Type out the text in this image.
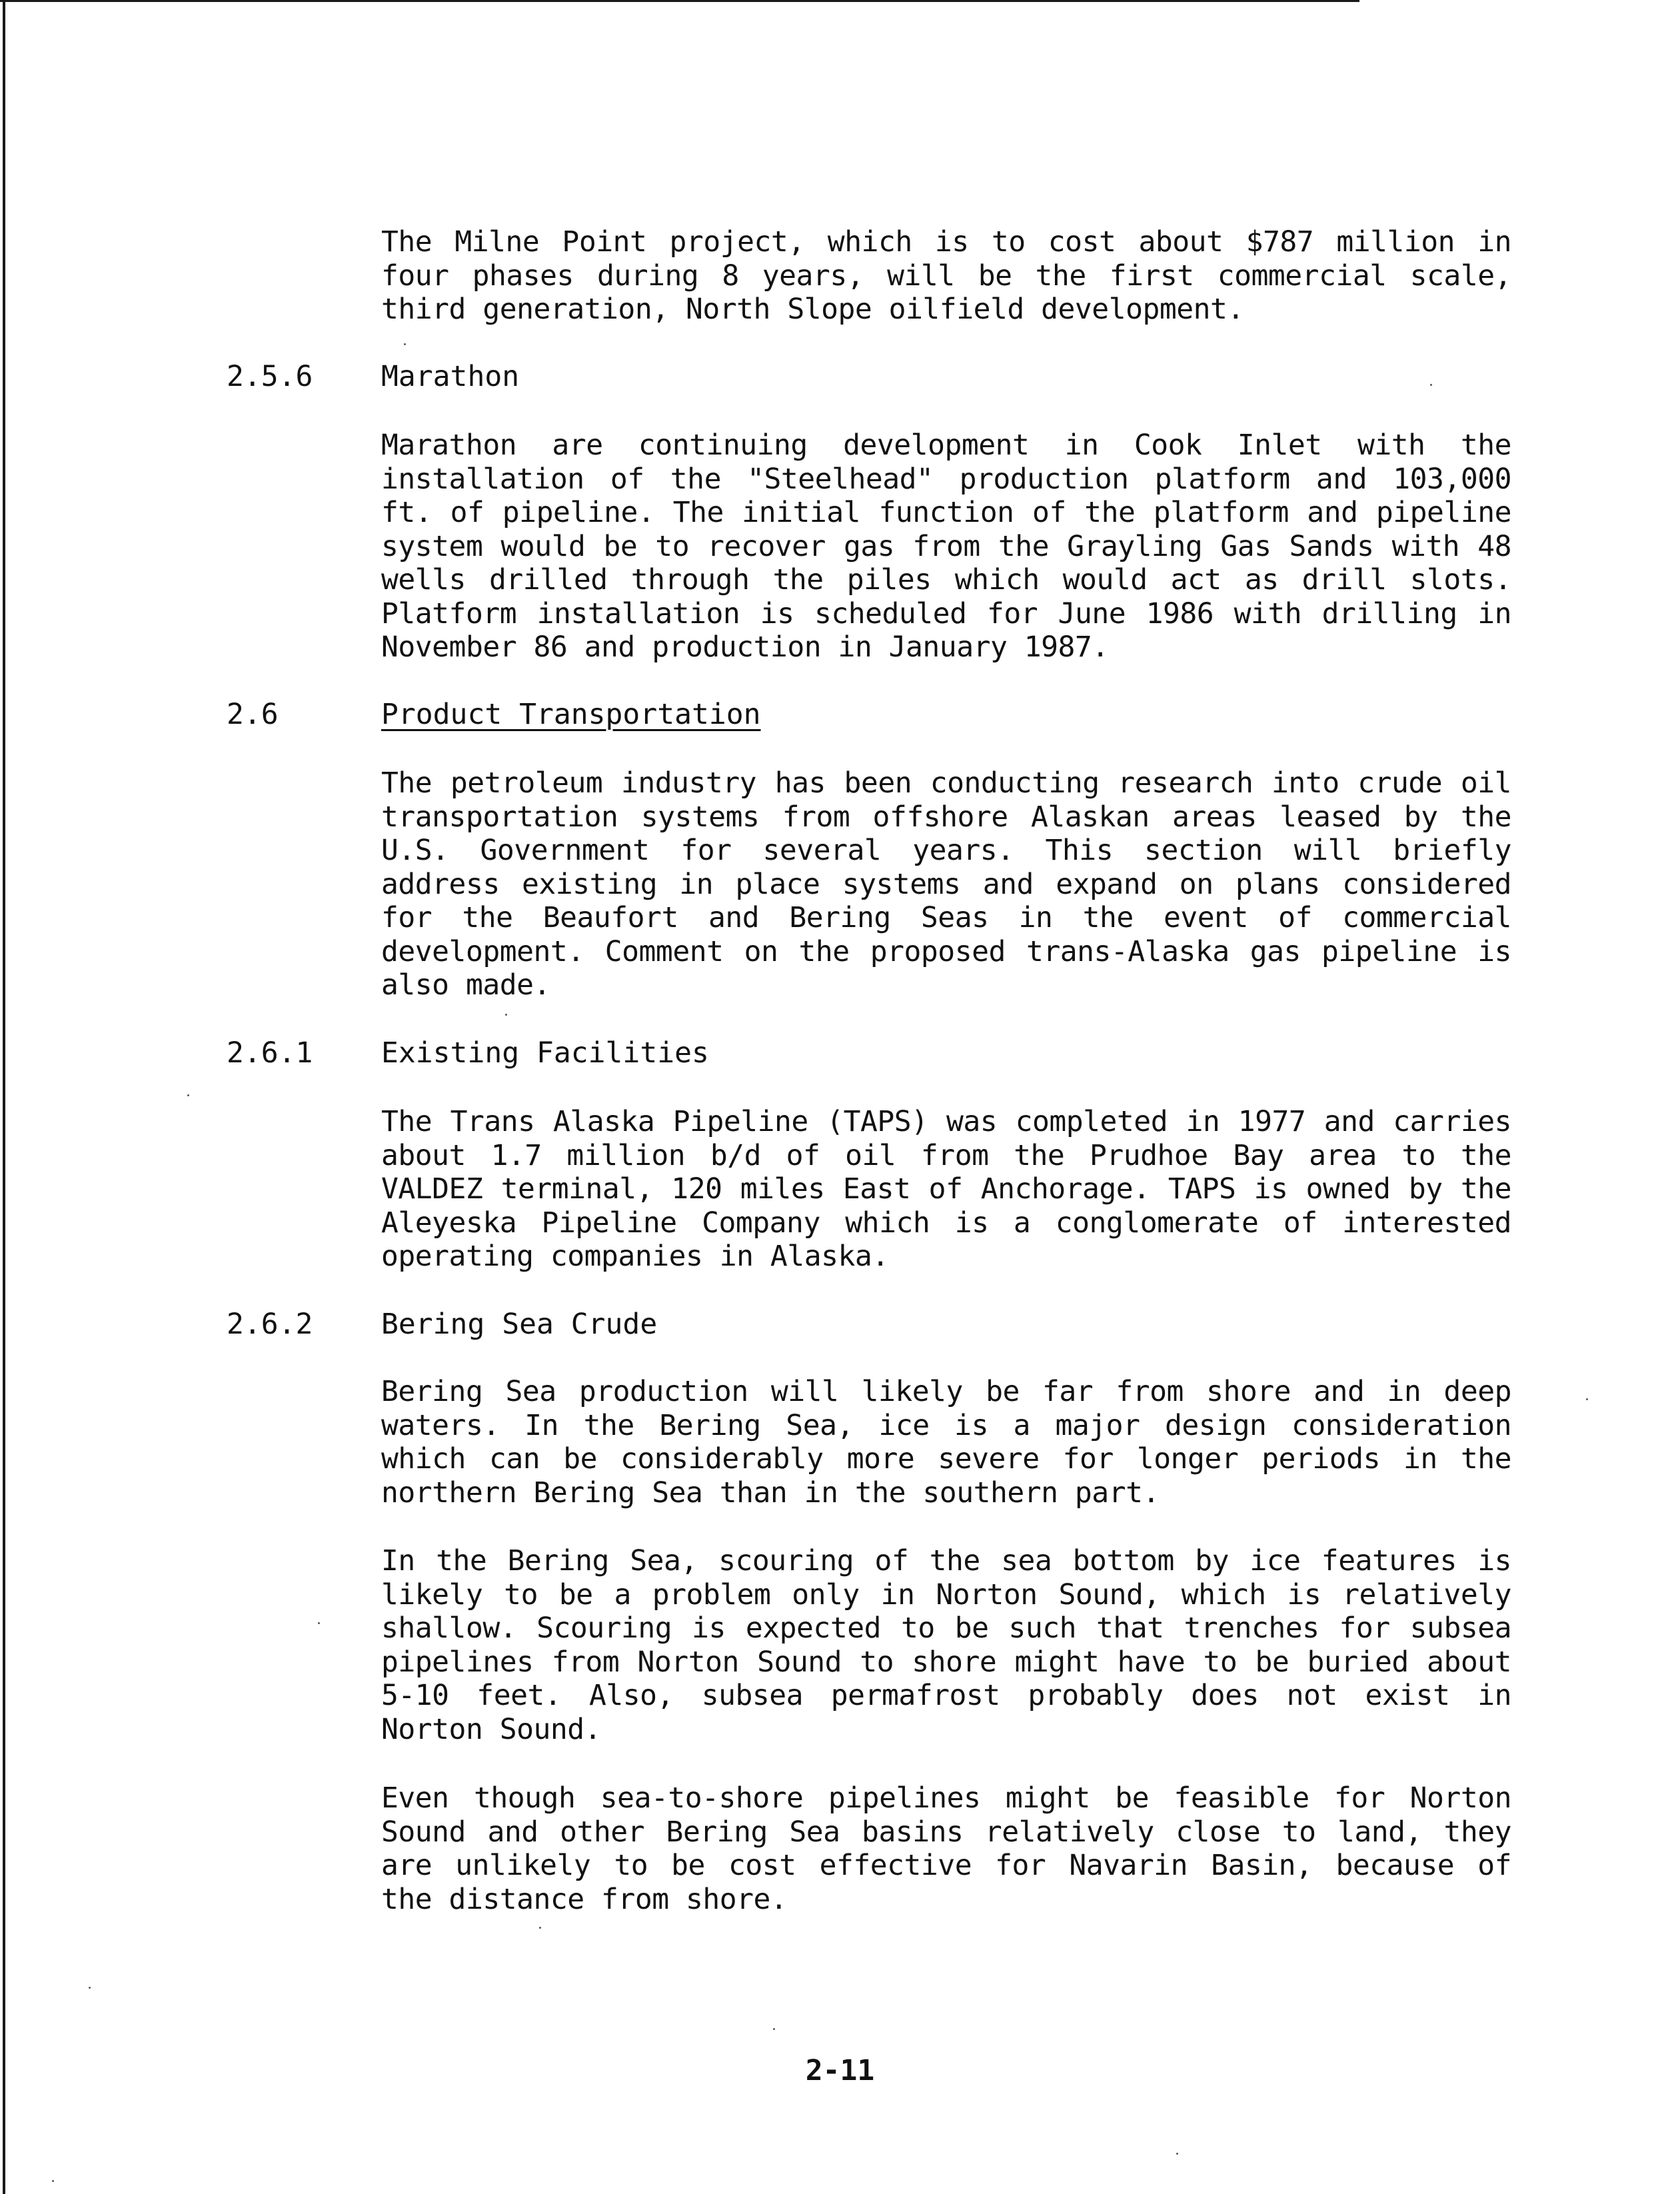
The Milne Point project, which is to cost about $787 million in four phases during 8 years, will be the first commercial scale, third generation, North Slope oilfield development.

2.5.6 Marathon

Marathon are continuing development in Cook Inlet with the installation of the "Steelhead" production platform and 103,000 ft. of pipeline. The initial function of the platform and pipeline system would be to recover gas from the Grayling Gas Sands with 48 wells drilled through the piles which would act as drill slots. Platform installation is scheduled for June 1986 with drilling in November 86 and production in January 1987.

2.6	Product Transportation

The petroleum industry has been conducting research into crude oil transportation systems from offshore Alaskan areas leased by the U.S. Government for several years. This section will briefly address existing in place systems and expand on plans considered for the Beaufort and Bering Seas in the event of commercial development. Comment on the proposed trans-Alaska gas pipeline is also made.

2.6.1 Existing Facilities

The Trans Alaska Pipeline (TAPS) was completed in 1977 and carries about 1.7 million b/d of oil from the Prudhoe Bay area to the VALDEZ terminal, 120 miles East of Anchorage. TAPS is owned by the Aleyeska Pipeline Company which is a conglomerate of interested operating companies in Alaska.

2.6.2 Bering Sea Crude

Bering Sea production will likely be far from shore and in deep waters. In the Bering Sea, ice is a major design consideration which can be considerably more severe for longer periods in the northern Bering Sea than in the southern part.

In the Bering Sea, scouring of the sea bottom by ice features is likely to be a problem only in Norton Sound, which is relatively shallow. Scouring is expected to be such that trenches for subsea pipelines from Norton Sound to shore might have to be buried about 5-10 feet. Also, subsea permafrost probably does not exist in Norton Sound.

Even though sea-to-shore pipelines might be feasible for Norton Sound and other Bering Sea basins relatively close to land, they are unlikely to be cost effective for Navarin Basin, because of the distance from shore.

2-11
